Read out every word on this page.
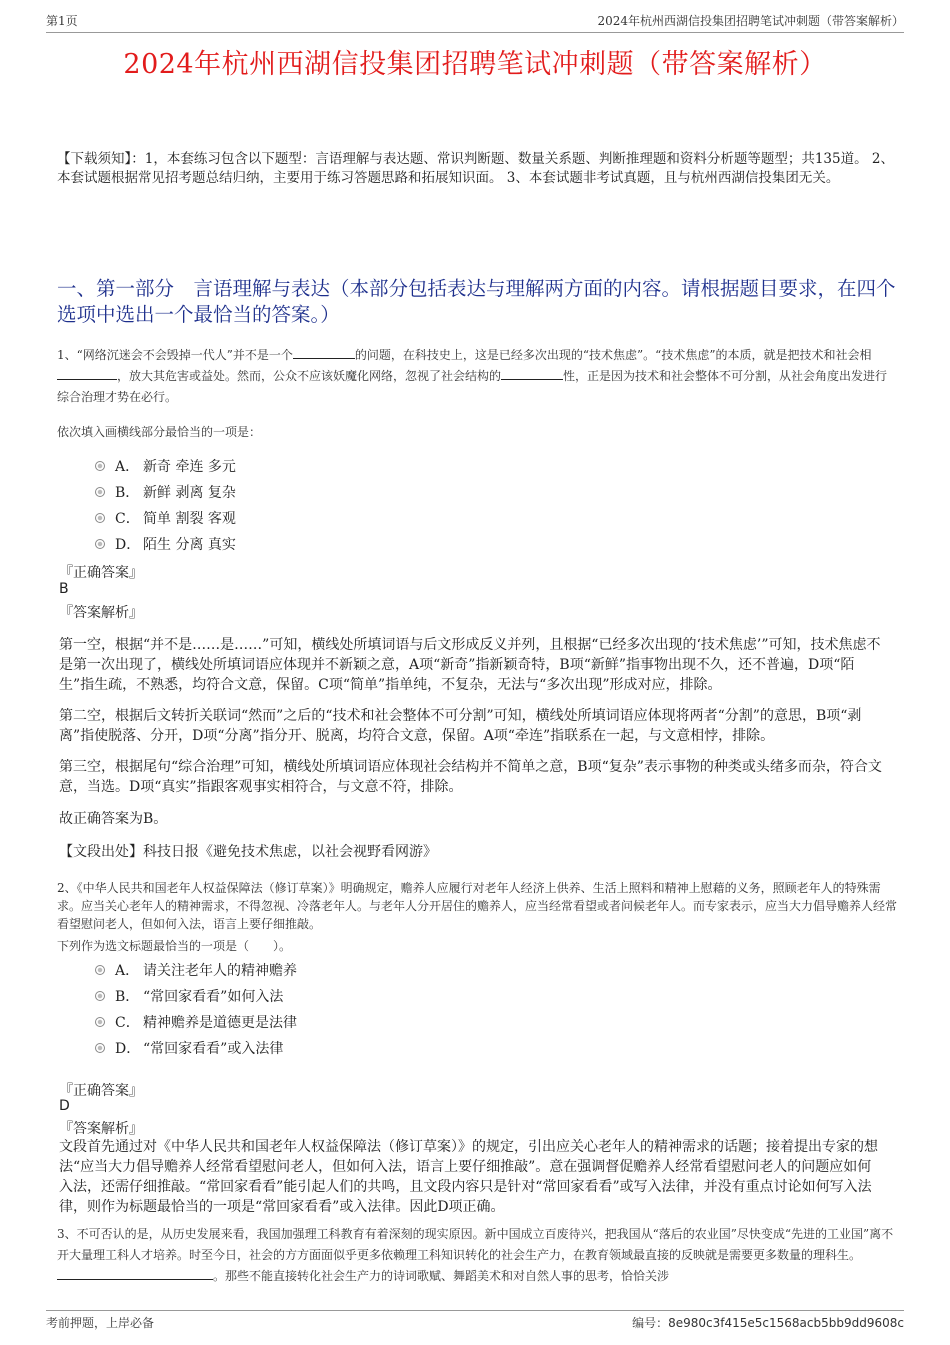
第1页	2024年杭州西湖信投集团招聘笔试冲刺题（带答案解析）
2024年杭州西湖信投集团招聘笔试冲刺题（带答案解析）
【下载须知】：1，本套练习包含以下题型：言语理解与表达题、常识判断题、数量关系题、判断推理题和资料分析题等题型；共135道。 2、本套试题根据常见招考题总结归纳，主要用于练习答题思路和拓展知识面。 3、本套试题非考试真题，且与杭州西湖信投集团无关。
一、第一部分　言语理解与表达（本部分包括表达与理解两方面的内容。请根据题目要求，在四个选项中选出一个最恰当的答案。）
1、“网络沉迷会不会毁掉一代人”并不是一个	的问题，在科技史上，这是已经多次出现的“技术焦虑”。“技术焦虑”的本质，就是把技术和社会相，放大其危害或益处。然而，公众不应该妖魔化网络，忽视了社会结构的	性，正是因为技术和社会整体不可分割，从社会角度出发进行综合治理才势在必行。
依次填入画横线部分最恰当的一项是：
A． 新奇 牵连 多元
B． 新鲜 剥离 复杂
C． 简单 割裂 客观
D． 陌生 分离 真实
『正确答案』
B
『答案解析』
第一空，根据“并不是……是……”可知，横线处所填词语与后文形成反义并列，且根据“已经多次出现的‘技术焦虑’”可知，技术焦虑不是第一次出现了，横线处所填词语应体现并不新颖之意，A项“新奇”指新颖奇特，B项“新鲜”指事物出现不久，还不普遍，D项“陌生”指生疏，不熟悉，均符合文意，保留。C项“简单”指单纯，不复杂，无法与“多次出现”形成对应，排除。
第二空，根据后文转折关联词“然而”之后的“技术和社会整体不可分割”可知，横线处所填词语应体现将两者“分割”的意思，B项“剥离”指使脱落、分开，D项“分离”指分开、脱离，均符合文意，保留。A项“牵连”指联系在一起，与文意相悖，排除。
第三空，根据尾句“综合治理”可知，横线处所填词语应体现社会结构并不简单之意，B项“复杂”表示事物的种类或头绪多而杂，符合文意，当选。D项“真实”指跟客观事实相符合，与文意不符，排除。
故正确答案为B。
【文段出处】科技日报《避免技术焦虑，以社会视野看网游》
2、《中华人民共和国老年人权益保障法（修订草案）》明确规定，赡养人应履行对老年人经济上供养、生活上照料和精神上慰藉的义务，照顾老年人的特殊需求。应当关心老年人的精神需求，不得忽视、冷落老年人。与老年人分开居住的赡养人，应当经常看望或者问候老年人。而专家表示，应当大力倡导赡养人经常看望慰问老人，但如何入法，语言上要仔细推敲。
下列作为选文标题最恰当的一项是（　　）。
A． 请关注老年人的精神赡养
B． “常回家看看”如何入法
C． 精神赡养是道德更是法律
D． “常回家看看”或入法律
『正确答案』
D
『答案解析』
文段首先通过对《中华人民共和国老年人权益保障法（修订草案）》的规定，引出应关心老年人的精神需求的话题；接着提出专家的想法“应当大力倡导赡养人经常看望慰问老人，但如何入法，语言上要仔细推敲”。意在强调督促赡养人经常看望慰问老人的问题应如何入法，还需仔细推敲。“常回家看看”能引起人们的共鸣，且文段内容只是针对“常回家看看”或写入法律，并没有重点讨论如何写入法律，则作为标题最恰当的一项是“常回家看看”或入法律。因此D项正确。
3、不可否认的是，从历史发展来看，我国加强理工科教育有着深刻的现实原因。新中国成立百废待兴，把我国从“落后的农业国”尽快变成“先进的工业国”离不开大量理工科人才培养。时至今日，社会的方方面面似乎更多依赖理工科知识转化的社会生产力，在教育领域最直接的反映就是需要更多数量的理科生。。那些不能直接转化社会生产力的诗词歌赋、舞蹈美术和对自然人事的思考，恰恰关涉
考前押题，上岸必备	编号：8e980c3f415e5c1568acb5bb9dd9608c
